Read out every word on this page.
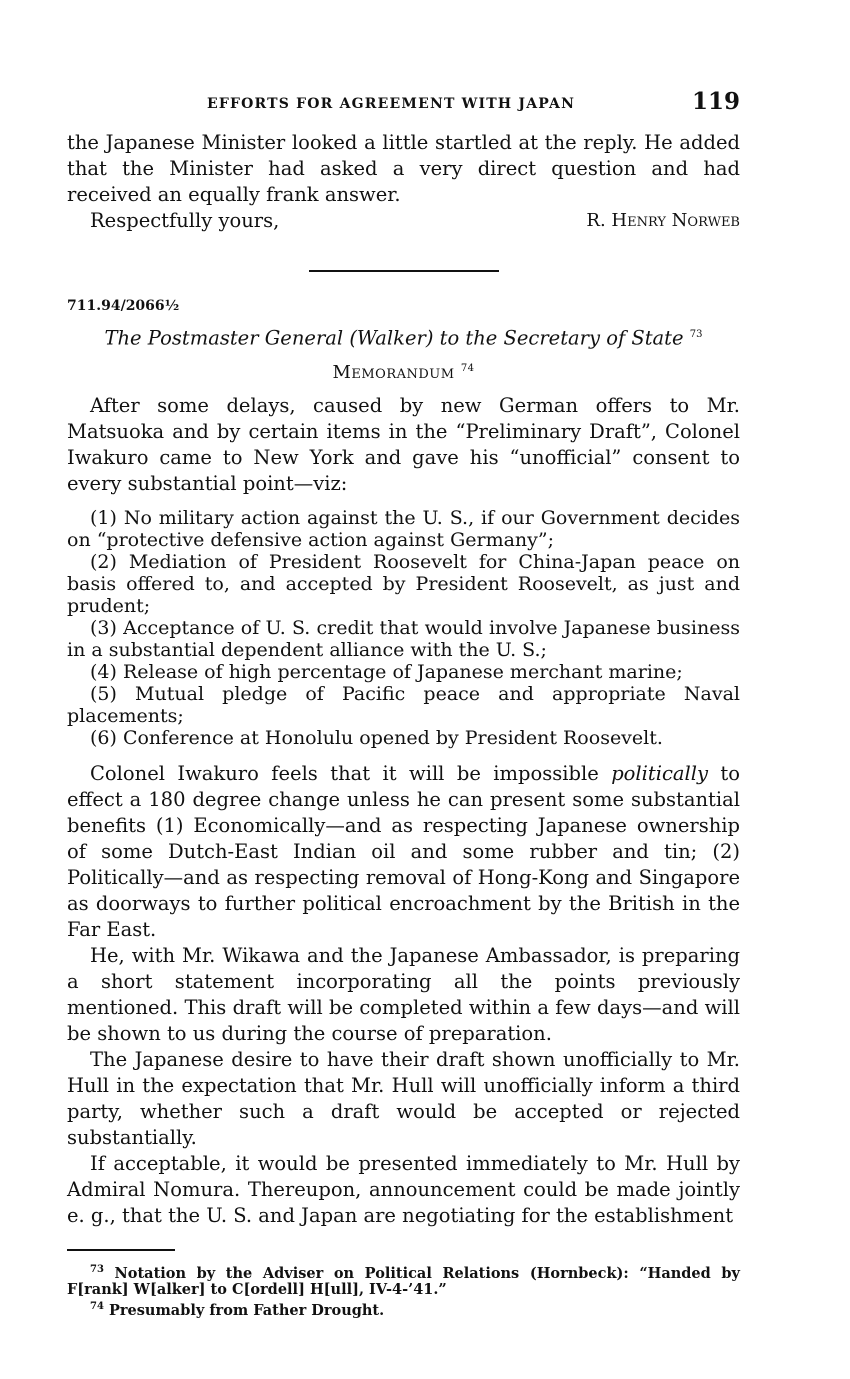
EFFORTS FOR AGREEMENT WITH JAPAN	119

the Japanese Minister looked a little startled at the reply. He added that the Minister had asked a very direct question and had received an equally frank answer.

Respectfully yours,	R. Henry Norweb
711.94/2066½
The Postmaster General (Walker) to the Secretary of State $^{73}$
Memorandum $^{74}$

After some delays, caused by new German offers to Mr. Matsuoka and by certain items in the “Preliminary Draft”, Colonel Iwakuro came to New York and gave his “unofficial” consent to every substantial point—viz:

(1) No military action against the U. S., if our Government decides on “protective defensive action against Germany”;

(2) Mediation of President Roosevelt for China-Japan peace on basis offered to, and accepted by President Roosevelt, as just and prudent;

(3) Acceptance of U. S. credit that would involve Japanese business in a substantial dependent alliance with the U. S.;

(4) Release of high percentage of Japanese merchant marine;

(5) Mutual pledge of Pacific peace and appropriate Naval placements;

(6) Conference at Honolulu opened by President Roosevelt.

Colonel Iwakuro feels that it will be impossible politically to effect a 180 degree change unless he can present some substantial benefits (1) Economically—and as respecting Japanese ownership of some Dutch-East Indian oil and some rubber and tin; (2) Politically—and as respecting removal of Hong-Kong and Singapore as doorways to further political encroachment by the British in the Far East.

He, with Mr. Wikawa and the Japanese Ambassador, is preparing a short statement incorporating all the points previously mentioned. This draft will be completed within a few days—and will be shown to us during the course of preparation.

The Japanese desire to have their draft shown unofficially to Mr. Hull in the expectation that Mr. Hull will unofficially inform a third party, whether such a draft would be accepted or rejected substantially.

If acceptable, it would be presented immediately to Mr. Hull by Admiral Nomura. Thereupon, announcement could be made jointly e. g., that the U. S. and Japan are negotiating for the establishment

$^{73}$ Notation by the Adviser on Political Relations (Hornbeck): “Handed by F[rank] W[alker] to C[ordell] H[ull], IV-4-’41.”

$^{74}$ Presumably from Father Drought.
